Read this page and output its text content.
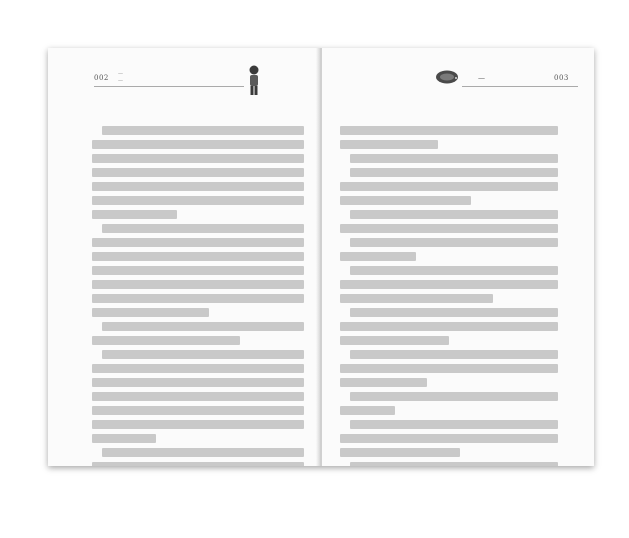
002 —
—	—	003
